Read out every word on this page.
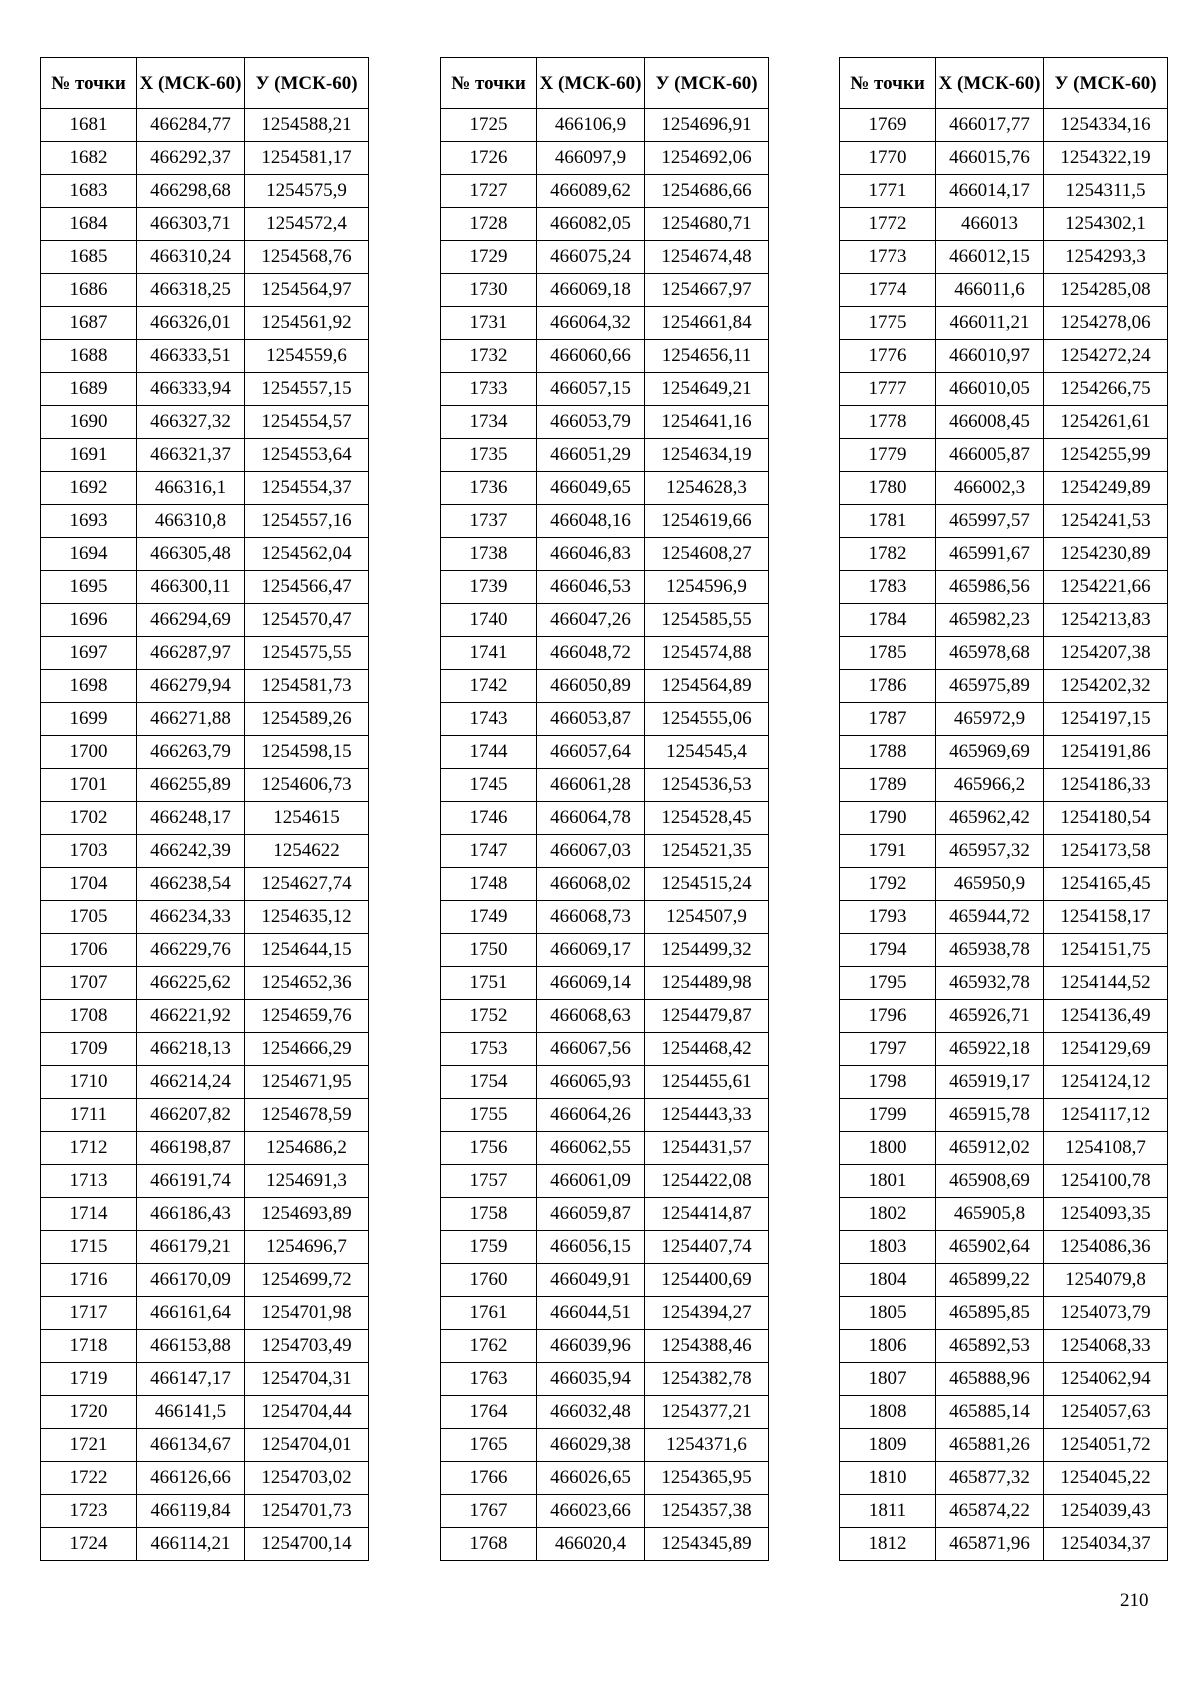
№ точки	X (МСК-60)	У (МСК-60)
1681	466284,77	1254588,21
1682	466292,37	1254581,17
1683	466298,68	1254575,9
1684	466303,71	1254572,4
1685	466310,24	1254568,76
1686	466318,25	1254564,97
1687	466326,01	1254561,92
1688	466333,51	1254559,6
1689	466333,94	1254557,15
1690	466327,32	1254554,57
1691	466321,37	1254553,64
1692	466316,1	1254554,37
1693	466310,8	1254557,16
1694	466305,48	1254562,04
1695	466300,11	1254566,47
1696	466294,69	1254570,47
1697	466287,97	1254575,55
1698	466279,94	1254581,73
1699	466271,88	1254589,26
1700	466263,79	1254598,15
1701	466255,89	1254606,73
1702	466248,17	1254615
1703	466242,39	1254622
1704	466238,54	1254627,74
1705	466234,33	1254635,12
1706	466229,76	1254644,15
1707	466225,62	1254652,36
1708	466221,92	1254659,76
1709	466218,13	1254666,29
1710	466214,24	1254671,95
1711	466207,82	1254678,59
1712	466198,87	1254686,2
1713	466191,74	1254691,3
1714	466186,43	1254693,89
1715	466179,21	1254696,7
1716	466170,09	1254699,72
1717	466161,64	1254701,98
1718	466153,88	1254703,49
1719	466147,17	1254704,31
1720	466141,5	1254704,44
1721	466134,67	1254704,01
1722	466126,66	1254703,02
1723	466119,84	1254701,73
1724	466114,21	1254700,14
№ точки	X (МСК-60)	У (МСК-60)
1725	466106,9	1254696,91
1726	466097,9	1254692,06
1727	466089,62	1254686,66
1728	466082,05	1254680,71
1729	466075,24	1254674,48
1730	466069,18	1254667,97
1731	466064,32	1254661,84
1732	466060,66	1254656,11
1733	466057,15	1254649,21
1734	466053,79	1254641,16
1735	466051,29	1254634,19
1736	466049,65	1254628,3
1737	466048,16	1254619,66
1738	466046,83	1254608,27
1739	466046,53	1254596,9
1740	466047,26	1254585,55
1741	466048,72	1254574,88
1742	466050,89	1254564,89
1743	466053,87	1254555,06
1744	466057,64	1254545,4
1745	466061,28	1254536,53
1746	466064,78	1254528,45
1747	466067,03	1254521,35
1748	466068,02	1254515,24
1749	466068,73	1254507,9
1750	466069,17	1254499,32
1751	466069,14	1254489,98
1752	466068,63	1254479,87
1753	466067,56	1254468,42
1754	466065,93	1254455,61
1755	466064,26	1254443,33
1756	466062,55	1254431,57
1757	466061,09	1254422,08
1758	466059,87	1254414,87
1759	466056,15	1254407,74
1760	466049,91	1254400,69
1761	466044,51	1254394,27
1762	466039,96	1254388,46
1763	466035,94	1254382,78
1764	466032,48	1254377,21
1765	466029,38	1254371,6
1766	466026,65	1254365,95
1767	466023,66	1254357,38
1768	466020,4	1254345,89
№ точки	X (МСК-60)	У (МСК-60)
1769	466017,77	1254334,16
1770	466015,76	1254322,19
1771	466014,17	1254311,5
1772	466013	1254302,1
1773	466012,15	1254293,3
1774	466011,6	1254285,08
1775	466011,21	1254278,06
1776	466010,97	1254272,24
1777	466010,05	1254266,75
1778	466008,45	1254261,61
1779	466005,87	1254255,99
1780	466002,3	1254249,89
1781	465997,57	1254241,53
1782	465991,67	1254230,89
1783	465986,56	1254221,66
1784	465982,23	1254213,83
1785	465978,68	1254207,38
1786	465975,89	1254202,32
1787	465972,9	1254197,15
1788	465969,69	1254191,86
1789	465966,2	1254186,33
1790	465962,42	1254180,54
1791	465957,32	1254173,58
1792	465950,9	1254165,45
1793	465944,72	1254158,17
1794	465938,78	1254151,75
1795	465932,78	1254144,52
1796	465926,71	1254136,49
1797	465922,18	1254129,69
1798	465919,17	1254124,12
1799	465915,78	1254117,12
1800	465912,02	1254108,7
1801	465908,69	1254100,78
1802	465905,8	1254093,35
1803	465902,64	1254086,36
1804	465899,22	1254079,8
1805	465895,85	1254073,79
1806	465892,53	1254068,33
1807	465888,96	1254062,94
1808	465885,14	1254057,63
1809	465881,26	1254051,72
1810	465877,32	1254045,22
1811	465874,22	1254039,43
1812	465871,96	1254034,37
210
